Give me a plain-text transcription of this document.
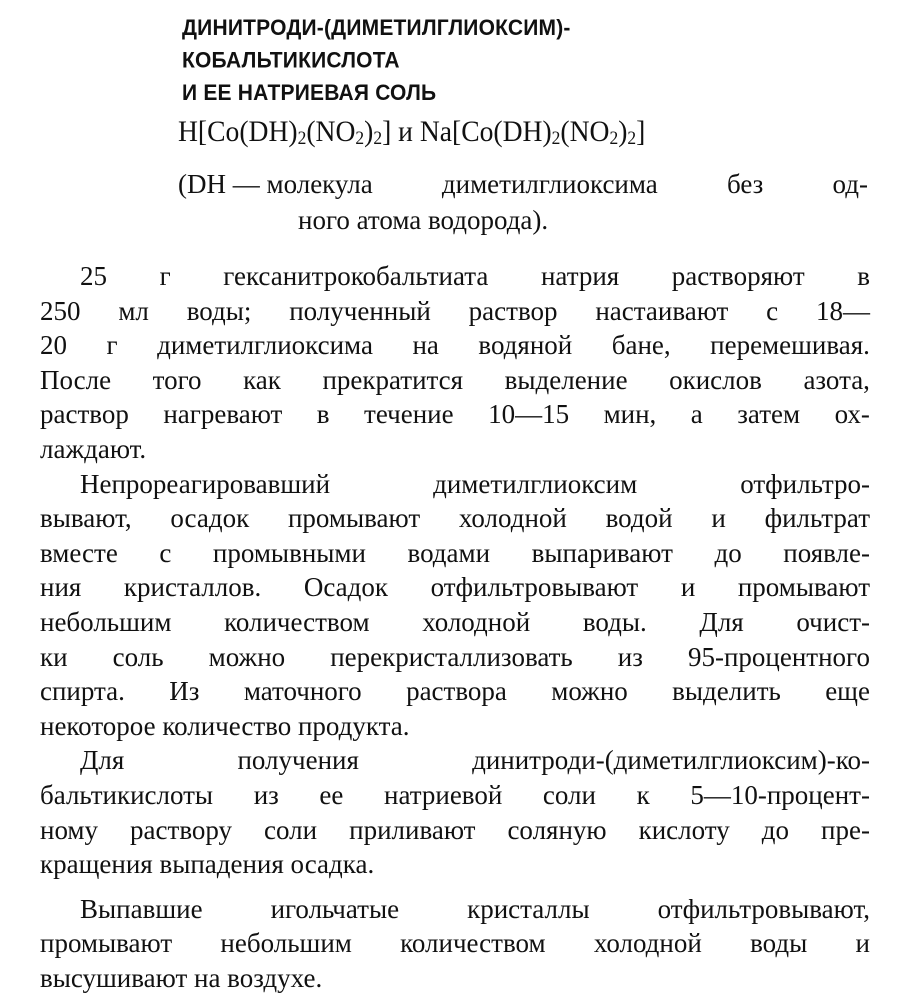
ДИНИТРОДИ-(ДИМЕТИЛГЛИОКСИМ)-
КОБАЛЬТИКИСЛОТА
И ЕЕ НАТРИЕВАЯ СОЛЬ
$H[Co(DH)_2(NO_2)_2]$ и $Na[Co(DH)_2(NO_2)_2]$
(DH — молекула	диметилглиоксима	без	од-
ного атома водорода).
25 г гексанитрокобальтиата натрия растворяют в
250 мл воды; полученный раствор настаивают с 18—
20 г диметилглиоксима на водяной бане, перемешивая.
После того как прекратится выделение окислов азота,
раствор нагревают в течение 10—15 мин, а затем ох-
лаждают.
Непрореагировавший	диметилглиоксим	отфильтро-
вывают, осадок промывают холодной водой и фильтрат
вместе с промывными водами выпаривают до появле-
ния кристаллов. Осадок отфильтровывают и промывают
небольшим количеством холодной воды. Для очист-
ки соль можно перекристаллизовать из 95-процентного
спирта. Из маточного раствора можно выделить еще
некоторое количество продукта.
Для	получения	динитроди-(диметилглиоксим)-ко-
бальтикислоты из ее натриевой соли к 5—10-процент-
ному раствору соли приливают соляную кислоту до пре-
кращения выпадения осадка.
Выпавшие	игольчатые	кристаллы	отфильтровывают,
промывают небольшим количеством холодной воды и
высушивают на воздухе.
